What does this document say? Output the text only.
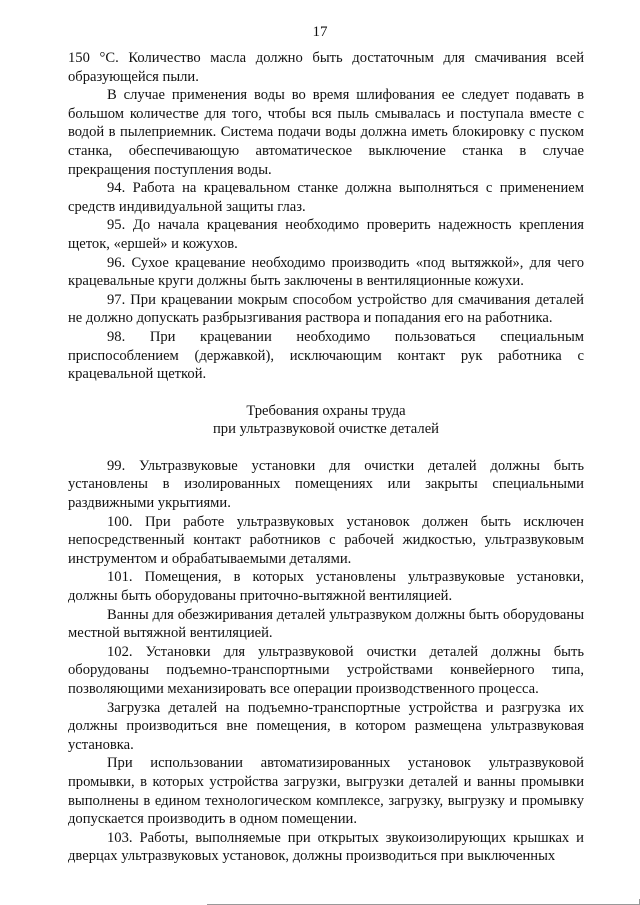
17

150 °С. Количество масла должно быть достаточным для смачивания всей образующейся пыли.

В случае применения воды во время шлифования ее следует подавать в большом количестве для того, чтобы вся пыль смывалась и поступала вместе с водой в пылеприемник. Система подачи воды должна иметь блокировку с пуском станка, обеспечивающую автоматическое выключение станка в случае прекращения поступления воды.

94. Работа на крацевальном станке должна выполняться с применением средств индивидуальной защиты глаз.

95. До начала крацевания необходимо проверить надежность крепления щеток, «ершей» и кожухов.

96. Сухое крацевание необходимо производить «под вытяжкой», для чего крацевальные круги должны быть заключены в вентиляционные кожухи.

97. При крацевании мокрым способом устройство для смачивания деталей не должно допускать разбрызгивания раствора и попадания его на работника.

98. При крацевании необходимо пользоваться специальным приспособлением (державкой), исключающим контакт рук работника с крацевальной щеткой.

Требования охраны труда
при ультразвуковой очистке деталей

99. Ультразвуковые установки для очистки деталей должны быть установлены в изолированных помещениях или закрыты специальными раздвижными укрытиями.

100. При работе ультразвуковых установок должен быть исключен непосредственный контакт работников с рабочей жидкостью, ультразвуковым инструментом и обрабатываемыми деталями.

101. Помещения, в которых установлены ультразвуковые установки, должны быть оборудованы приточно-вытяжной вентиляцией.

Ванны для обезжиривания деталей ультразвуком должны быть оборудованы местной вытяжной вентиляцией.

102. Установки для ультразвуковой очистки деталей должны быть оборудованы подъемно-транспортными устройствами конвейерного типа, позволяющими механизировать все операции производственного процесса.

Загрузка деталей на подъемно-транспортные устройства и разгрузка их должны производиться вне помещения, в котором размещена ультразвуковая установка.

При использовании автоматизированных установок ультразвуковой промывки, в которых устройства загрузки, выгрузки деталей и ванны промывки выполнены в едином технологическом комплексе, загрузку, выгрузку и промывку допускается производить в одном помещении.

103. Работы, выполняемые при открытых звукоизолирующих крышках и дверцах ультразвуковых установок, должны производиться при выключенных
